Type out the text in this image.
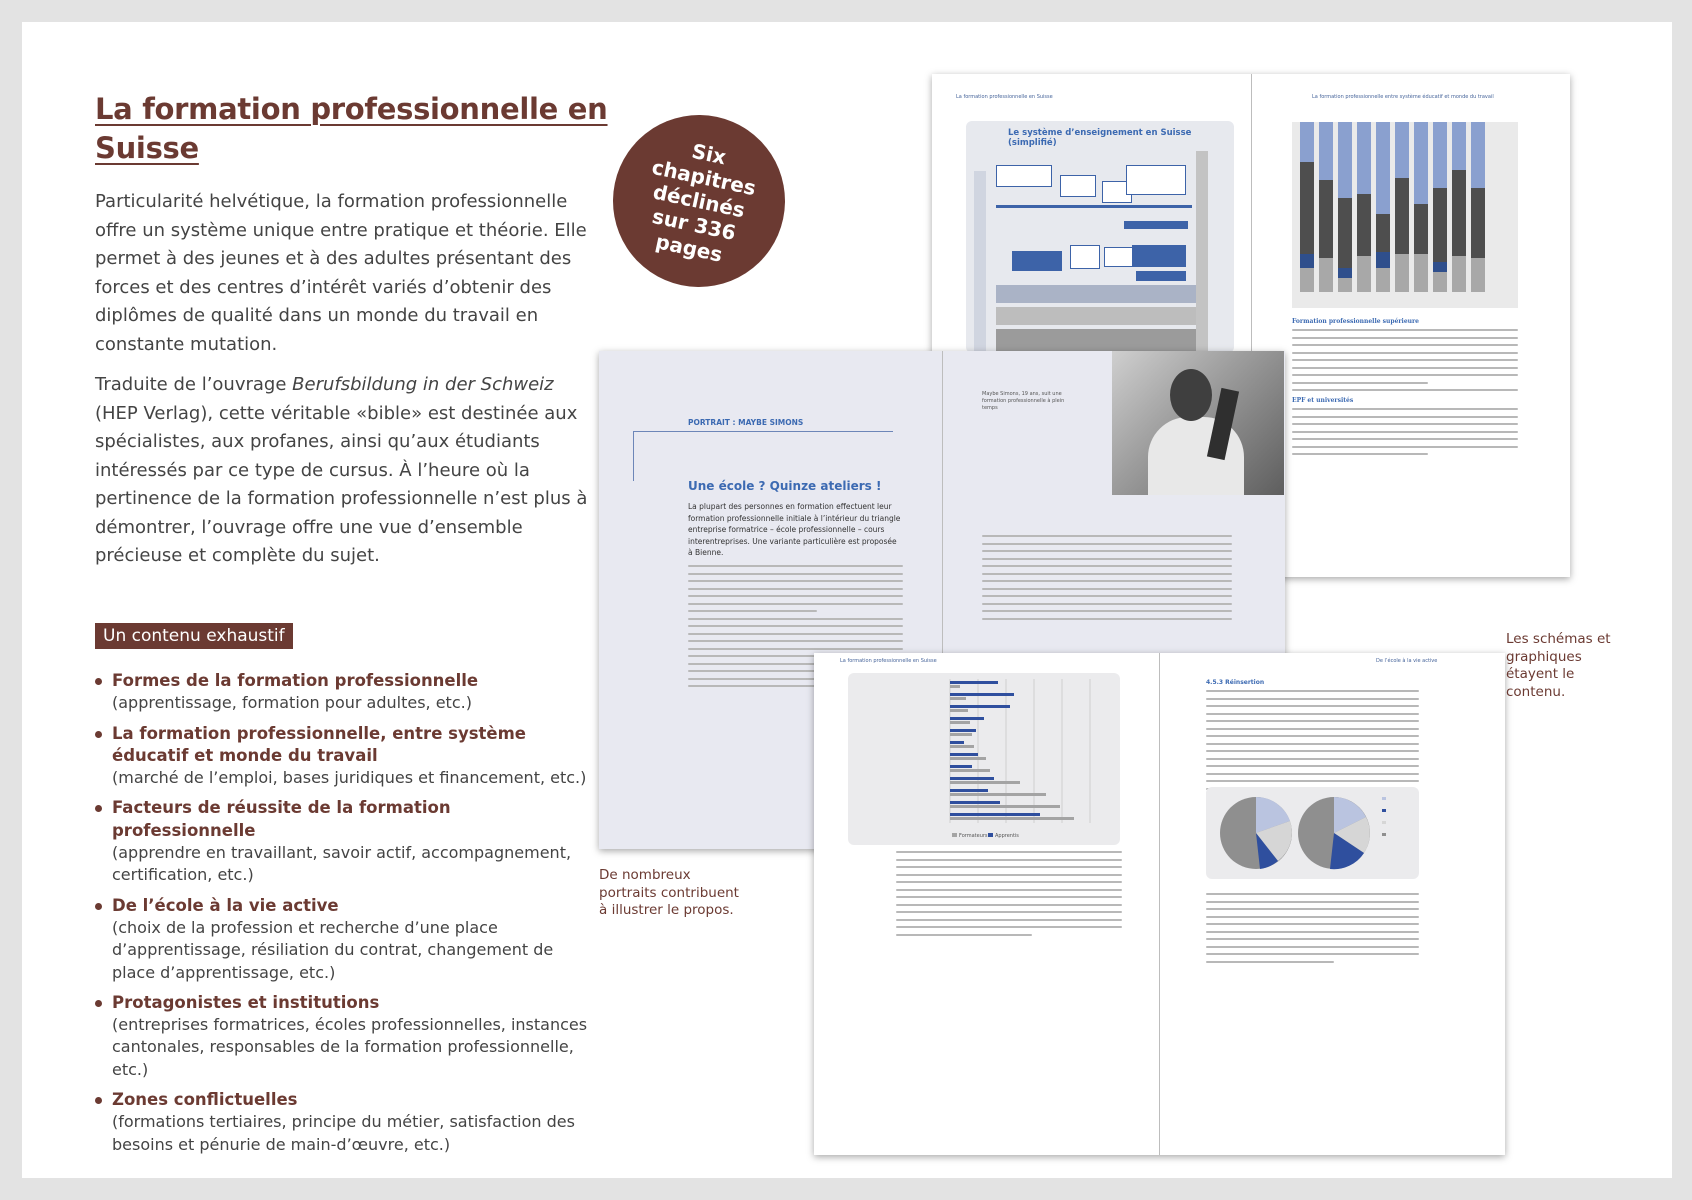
La formation professionnelle en Suisse

Particularité helvétique, la formation professionnelle offre un système unique entre pratique et théorie. Elle permet à des jeunes et à des adultes présentant des forces et des centres d’intérêt variés d’obtenir des diplômes de qualité dans un monde du travail en constante mutation.

Traduite de l’ouvrage Berufsbildung in der Schweiz (HEP Verlag), cette véritable «bible» est destinée aux spécialistes, aux profanes, ainsi qu’aux étudiants intéressés par ce type de cursus. À l’heure où la pertinence de la formation professionnelle n’est plus à démontrer, l’ouvrage offre une vue d’ensemble précieuse et complète du sujet.

Un contenu exhaustif
Formes de la formation professionnelle
(apprentissage, formation pour adultes, etc.)
La formation professionnelle, entre système éducatif et monde du travail
(marché de l’emploi, bases juridiques et financement, etc.)
Facteurs de réussite de la formation professionnelle
(apprendre en travaillant, savoir actif, accompagnement, certification, etc.)
De l’école à la vie active
(choix de la profession et recherche d’une place d’apprentissage, résiliation du contrat, changement de place d’apprentissage, etc.)
Protagonistes et institutions
(entreprises formatrices, écoles professionnelles, instances cantonales, responsables de la formation professionnelle, etc.)
Zones conflictuelles
(formations tertiaires, principe du métier, satisfaction des besoins et pénurie de main-d’œuvre, etc.)
La formation professionnelle en Suisse	La formation professionnelle entre système éducatif et monde du travail
Le système d’enseignement en Suisse (simplifié)
Formation professionnelle supérieure
EPF et universités
PORTRAIT : MAYBE SIMONS
Une école ? Quinze ateliers !
La plupart des personnes en formation effectuent leur formation professionnelle initiale à l’intérieur du triangle entreprise formatrice – école professionnelle – cours interentreprises. Une variante particulière est proposée à Bienne.
Maybe Simons, 19 ans, suit une formation professionnelle à plein temps
La formation professionnelle en Suisse	De l’école à la vie active
Formateurs Apprentis
4.5.3 Réinsertion
Six chapitres déclinés sur 336 pages
Les schémas et graphiques étayent le contenu.
De nombreux portraits contribuent à illustrer le propos.
